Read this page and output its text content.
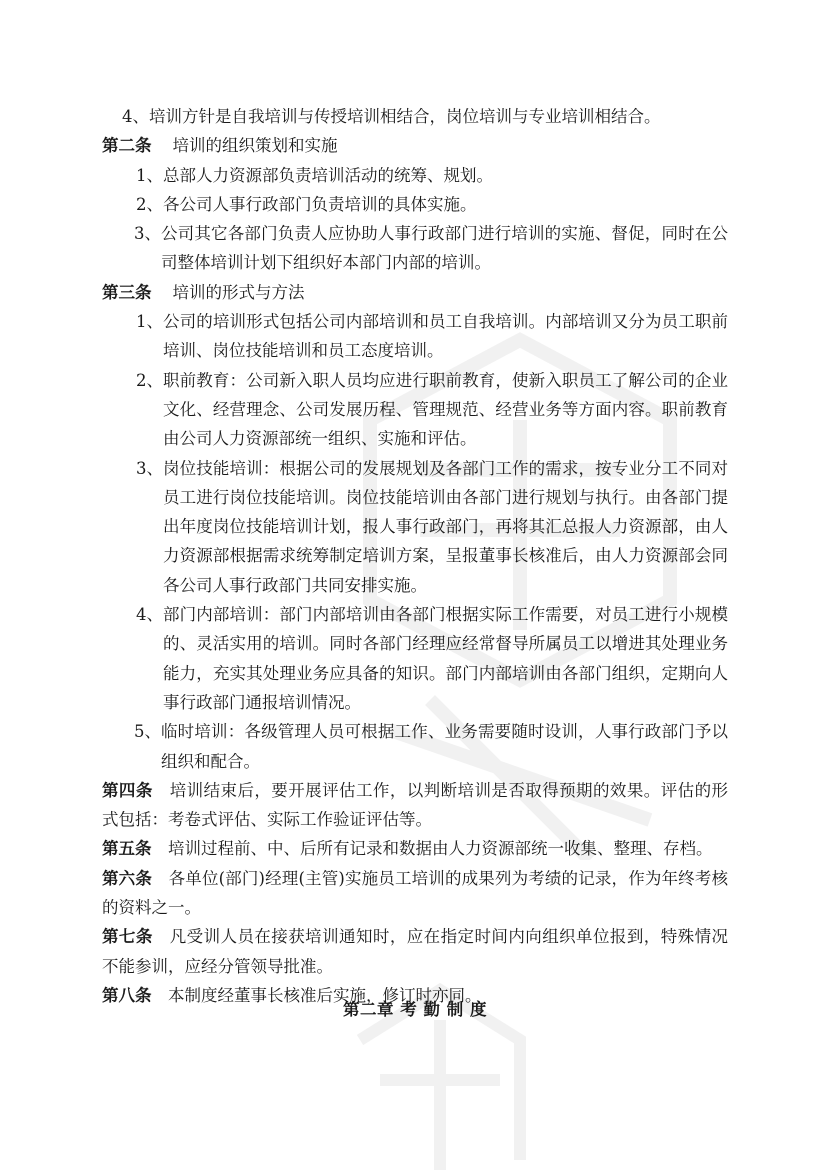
4、培训方针是自我培训与传授培训相结合，岗位培训与专业培训相结合。
第二条
培训的组织策划和实施
1、 总部人力资源部负责培训活动的统筹、规划。
2、 各公司人事行政部门负责培训的具体实施。
3、 公司其它各部门负责人应协助人事行政部门进行培训的实施、督促，同时在公司整体培训计划下组织好本部门内部的培训。
第三条
培训的形式与方法
1、 公司的培训形式包括公司内部培训和员工自我培训。内部培训又分为员工职前培训、岗位技能培训和员工态度培训。
2、 职前教育：公司新入职人员均应进行职前教育，使新入职员工了解公司的企业文化、经营理念、公司发展历程、管理规范、经营业务等方面内容。职前教育由公司人力资源部统一组织、实施和评估。
3、 岗位技能培训：根据公司的发展规划及各部门工作的需求，按专业分工不同对员工进行岗位技能培训。岗位技能培训由各部门进行规划与执行。由各部门提出年度岗位技能培训计划，报人事行政部门，再将其汇总报人力资源部，由人力资源部根据需求统筹制定培训方案，呈报董事长核准后，由人力资源部会同各公司人事行政部门共同安排实施。
4、 部门内部培训：部门内部培训由各部门根据实际工作需要，对员工进行小规模的、灵活实用的培训。同时各部门经理应经常督导所属员工以增进其处理业务能力，充实其处理业务应具备的知识。部门内部培训由各部门组织，定期向人事行政部门通报培训情况。
5、 临时培训：各级管理人员可根据工作、业务需要随时设训，人事行政部门予以组织和配合。
第四条  培训结束后，要开展评估工作，以判断培训是否取得预期的效果。评估的形式包括：考卷式评估、实际工作验证评估等。
第五条  培训过程前、中、后所有记录和数据由人力资源部统一收集、整理、存档。
第六条  各单位(部门)经理(主管)实施员工培训的成果列为考绩的记录，作为年终考核的资料之一。
第七条  凡受训人员在接获培训通知时，应在指定时间内向组织单位报到，特殊情况不能参训，应经分管领导批准。
第八条  本制度经董事长核准后实施，修订时亦同。
第二章 考 勤 制 度
